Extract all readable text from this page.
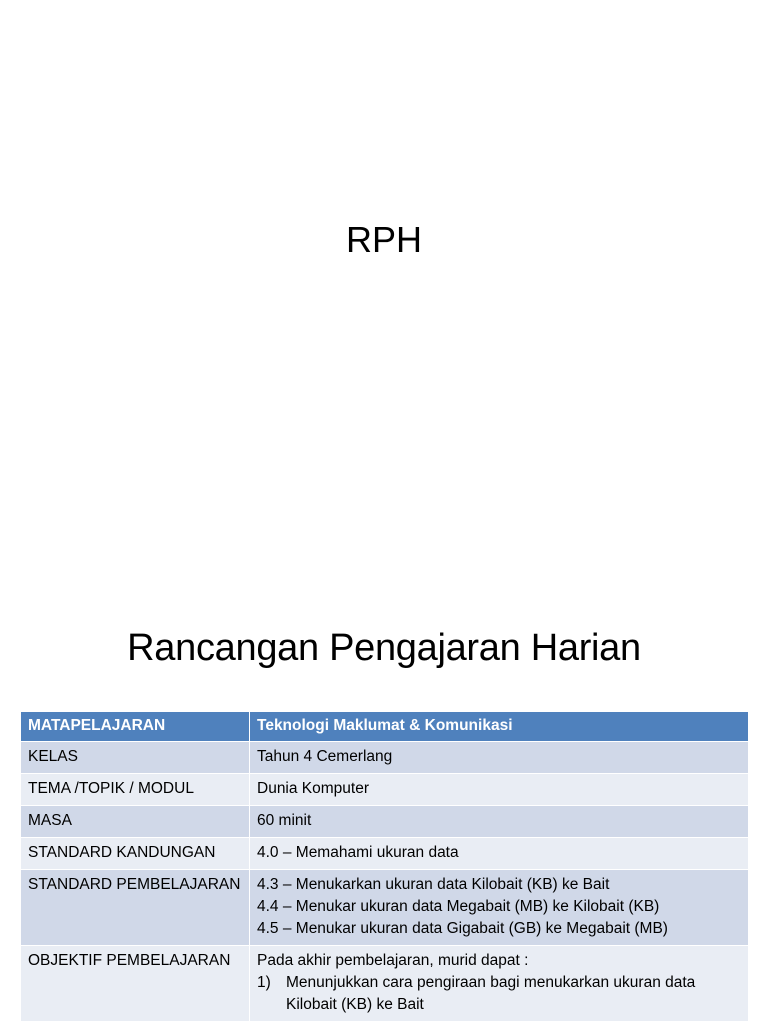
RPH
Rancangan Pengajaran Harian
MATAPELAJARAN	Teknologi Maklumat & Komunikasi
KELAS	Tahun 4 Cemerlang
TEMA /TOPIK / MODUL	Dunia Komputer
MASA	60 minit
STANDARD KANDUNGAN	4.0 – Memahami ukuran data
STANDARD PEMBELAJARAN	4.3 – Menukarkan ukuran data Kilobait (KB) ke Bait
4.4 – Menukar ukuran data Megabait (MB) ke Kilobait (KB)
4.5 – Menukar ukuran data Gigabait (GB) ke Megabait (MB)

OBJEKTIF PEMBELAJARAN	Pada akhir pembelajaran, murid dapat :
1) Menunjukkan cara pengiraan bagi menukarkan ukuran data Kilobait (KB) ke Bait
